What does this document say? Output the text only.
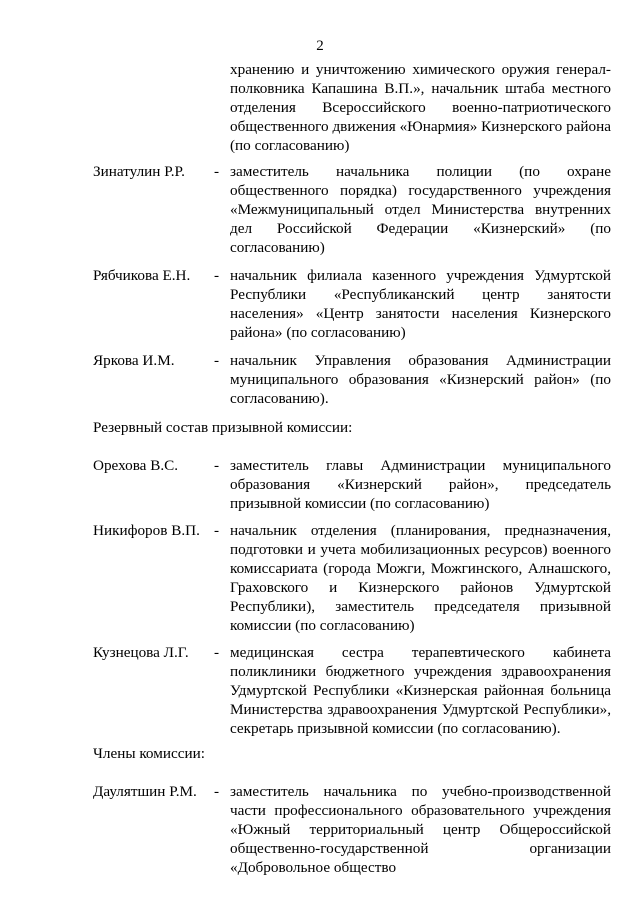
2
хранению и уничтожению химического оружия генерал-полковника Капашина В.П.», начальник штаба местного отделения Всероссийского военно-патриотического общественного движения «Юнармия» Кизнерского района (по согласованию)
Зинатулин Р.Р. - заместитель начальника полиции (по охране общественного порядка) государственного учреждения «Межмуниципальный отдел Министерства внутренних дел Российской Федерации «Кизнерский» (по согласованию)
Рябчикова Е.Н. - начальник филиала казенного учреждения Удмуртской Республики «Республиканский центр занятости населения» «Центр занятости населения Кизнерского района» (по согласованию)
Яркова И.М.	- начальник Управления образования Администрации муниципального образования «Кизнерский район» (по согласованию).
Резервный состав призывной комиссии:
Орехова В.С. - заместитель главы Администрации муниципального образования «Кизнерский район», председатель призывной комиссии (по согласованию)
Никифоров В.П. - начальник отделения (планирования, предназначения, подготовки и учета мобилизационных ресурсов) военного комиссариата (города Можги, Можгинского, Алнашского, Граховского и Кизнерского районов Удмуртской Республики), заместитель председателя призывной комиссии (по согласованию)
Кузнецова Л.Г. - медицинская сестра терапевтического кабинета поликлиники бюджетного учреждения здравоохранения Удмуртской Республики «Кизнерская районная больница Министерства здравоохранения Удмуртской Республики», секретарь призывной комиссии (по согласованию).
Члены комиссии:
Даулятшин Р.М. - заместитель начальника по учебно-производственной части профессионального образовательного учреждения «Южный территориальный центр Общероссийской общественно-государственной организации «Добровольное общество
